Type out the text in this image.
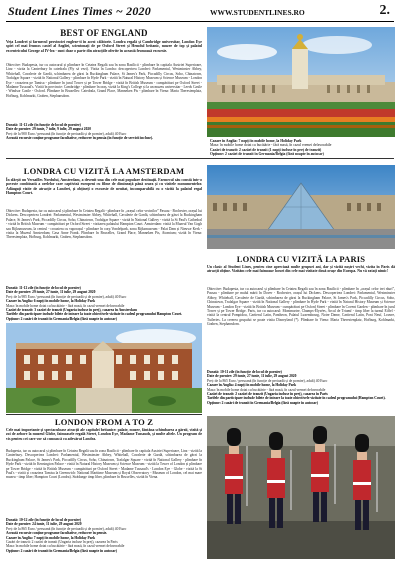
Student Lines Times ~ 2020	WWW.STUDENTLINES.RO	2.
BEST OF ENGLAND
Veța Londrei și farmecul provinciei engleze-ti în acest călătorie. Londra regală și Cambridge universitar, London Eye spiri cel mai frumos castel al Angliei, scientonați de pe Oxford Street și Hemdul britanic, muzee de top și palatul excentricului George al IV-lea - sunt doar o parte din atracțiile oferite în această frumoasă excursie.
Obiective: Budapesta, tur cu autocarul și plimbare în Cetatea Regală sau în zona Basilicii - plimbare în capitala Austriei Superioare, Linz - vizita la Canterbury în catedrala (Fly să vezi). Vizita în Londra: descoperirea Londrei: Parlamentul, Westminster Abbey, Whitehall, Cavalerie de Gardă, schimbarea de gărzi la Buckingham Palace, St James's Park, Piccadilly Circus, Soho, Chinatown, Trafalgar Square - vizită în National Gallery - plimbare în Hyde Park - vizită în Natural History Museum și Science Museum - London Eye - croaziera pe Tamisa - plimbare în jurul Tower și pe Tower Bridge - vizită în British Museum - cumpărături pe Oxford Street - Madame Tussaud's. Vizită în provincie: Cambridge - plimbare în oraș, vizită la King's College și la un muzeu universitar - Leeds Castle - Windsor Castle - Oxford. Plimbare în Bruxelles: Catedrala, Grand Place, Manneken Pis - plimbare în Viena: Maria Theresienplatz, Hofburg, Kohlmarkt, Graben, Stephansdom.
Durată: 11-12 zile (în funcție de locul de pornire)
Date de pornire: 29 iunie, 7 iulie, 9 iulie, 29 august 2020
Preț: de la 900 Euro / persoană (în funcție de perioadă și de pornire), adult) 40 Euro
Această excursie conține programe facultative, reducere în pensia (în funcție de servicii incluse).
Cazare în Anglia: 7 nopți în mobile home, la Holiday Park
Masa: în mobile home dotat cu bucătărie - fără masă, în cazul vremei defavorabile
Cazări de tranzit: 2 cazări de tranzit (1 nopți incluse în preț de tranzit)
Opțiune: 2 cazări de tranzit în Germania/Belgia (fără noapte în autocar)
LONDRA CU VIZITĂ LA AMSTERDAM
În sfârșit un Versailles Nordului, Amsterdam, a devenit una din cele mai populare destinații. Farmecul său constă într-o poveste combinată a orelelor care captiviză europeni cu filme de dimineață până seara și cu vizitele monumentelor. Adăugați vizite de atracție a Londrei, și obțineți o excursie de neuitat, incomparabilă cu o vizită la palatul regal Hampton Court.
Obiective: Budapesta, tur cu autocarul și plimbare în Cetatea Regală - plimbare în „orașul celor vecinilor” Passau - Bochester, orașul lui Dickens. Descoperirea Londrei: Parlamentul, Westminster Abbey, Whitehall, Cavalerie de Gardă, schimbarea de gărzi la Buckingham Palace, St James's Park, Piccadilly Circus, Soho, Chinatown, Trafalgar Square - vizită în National Gallery - vizită la St Paul's Cathedral - vizită în British Museum - cumpărături pe Oxford Street - vizitarea palatului Hampton Court. Amsterdam: vizită la Muzeul Van Gogh sau Rijksmuseum, la centrul - croaziera cu vaporașul - plimbare în corp Vondelpark, zona Rijksmuseum - Palat Dam și Nieuwe Kerk - vizita la Muzeul Amsterdam; Casa Anne Frank. Plimbare în Bruxelles, Grand Place, Manneken Pis, Atomium; vizită în Viena: Theresienplatz, Hofburg, Kohlmarkt, Graben, Stephansdom.
Durată: 11-12 zile (în funcție de locul de pornire)
Date de pornire: 29 iunie, 27 iunie, 11 iulie, 29 august 2020
Preț: de la 985 Euro / persoană (în funcție de perioadă și de pornire), adult) 40 Euro
Cazare în Anglia: 6 nopți în mobile home, la Holiday Park
Masa: în mobile home dotat cu bucătărie - fără masă, în cazul vremei defavorabile
Cazări de tranzit: 3 cazări de tranzit (Ungaria incluse în preț), cazarea în Amsterdam
Tarifele din participare include bilete de intrare la toate obiectivele vizitate în cadrul programului Hampton Court.
Opțiune: 2 cazări de tranzit în Germania/Belgia (fără noapte în autocar)
LONDRA CU VIZITĂ LA PARIS
Un clasic al Student Lines, pentru cine apreciază multe grupuri ani, dar și vizită noștri vechi, vizita în Paris dă atracții obține. Vizităm cele mai faimoase locuri din cele mai vizitate două orașe din Europa. Nu vă ratați nimic!
Obiective: Budapesta, tur cu autocarul și plimbare în Cetatea Regală sau în zona Basilicii - plimbare în „orașul celor trei râuri”, Passau - plimbare pe malul mării în Dover - Rochester, orașul lui Dickens. Descoperirea Londrei: Parlamentul, Westminster Abbey, Whitehall, Cavalerie de Gardă, schimbarea de gărzi la Buckingham Palace, St James's Park, Piccadilly Circus, Soho, Chinatown, Trafalgar Square - vizită în National Gallery - plimbare în Hyde Park - vizită în Natural History Museum și Science Museum - London Eye - vizită în British Museum - cumpărături pe Oxford Street - plimbare în Covent Garden - plimbare în jurul Tower și pe Tower Bridge. Paris, tur cu autocarul: Montmartre, Champs-Élysées, Arcul de Triumf - timp liber la turnul Eiffel - vizită la centrul Pompidou, Cartierul Latin, Pantheon, Palatul Luxembourg, Notre Dame, Cartierul Latin, Pont Neuf, Louvre, Tuileries. La cererea grupului se poate vizita Disneyland (*). Plimbare în Viena: Maria Theresienplatz, Hofburg, Kohlmarkt, Graben, Stephansdom.
Durată: 10-11 zile (în funcție de locul de pornire)
Date de pornire: 29 iunie, 27 iunie, 11 iulie, 29 august 2020
Preț: de la 865 Euro / persoană (în funcție de perioadă și de pornire), adult) 40 Euro
Cazare în Anglia: 4 nopți în mobile home, la Holiday Park
Masa: în mobile home dotat cu bucătărie - fără masă, în cazul vremei defavorabile
Cazări de tranzit: 2 cazări de tranzit (Ungaria incluse în preț), cazarea în Paris
Tarifele din participare include bilete de intrare la toate obiectivele vizitate în cadrul programului (Hampton Court).
Opțiune: 2 cazări de tranzit în Germania/Belgia (fără noapte în autocar)
LONDON FROM A TO Z
Cele mai importante și spectaculoase atracții ale capitalei britanice: palate, muzee, fântâna schimbarea a gărzii, vizită și zoi de arbore la muzeul Globe, faimoasele regală Street, London Eye, Madame Tussauds, și multe altele. Un program de vis pentru cei care vor să cunoască cu adevărat Londra.
Budapesta, tur cu autocarul și plimbare în Cetatea Regală sau în zona Basilicii - plimbare în capitala Austriei Superioare, Linz - vizită la Canterbury. Descoperirea Londrei: Parlamentul, Westminster Abbey, Whitehall, Cavalerie de Gardă, schimbarea de gărzi la Buckingham Palace, St James's Park, Piccadilly Circus, Soho, Chinatown, Trafalgar Square - vizită în National Gallery - plimbare în Hyde Park - vizită în Kensington Palace - vizită în Natural History Museum și Science Museum - vizită la Tower of London și plimbare pe Tower Bridge - vizită în British Museum - cumpărături pe Oxford Street - Madame Tussaud's - London Eye - Globe - vizită la St Paul's - vizită și croaziera Tamisa la Greenwich: National Maritime Museum și Royal Observatory - Museum of London, cel mai mare muzeu - timp liber; Hampton Court (Londra). Strădange timp liber, plimbare în Bruxelles, vizită în Viena.
Durată: 10-12 zile (în funcție de locul de pornire)
Date de pornire: 24 iunie, 11 iulie, 29 august 2020
Preț: de la 865 Euro / persoană (în funcție de perioadă și de pornire), adult) 40 Euro
Această excursie conține programe facultative, reducere în pensie.
Cazare în Anglia: 7 nopți în mobile home, la Holiday Park
Cazări de tranzit: 2 cazări de tranzit (Ungaria incluse în preț), cazarea în Paris
Masa: în mobile home dotat cu bucătărie - fără masă, în cazul vremei defavorabile
Opțiune: 2 cazări de tranzit în Germania/Belgia (fără noapte în autocar)
